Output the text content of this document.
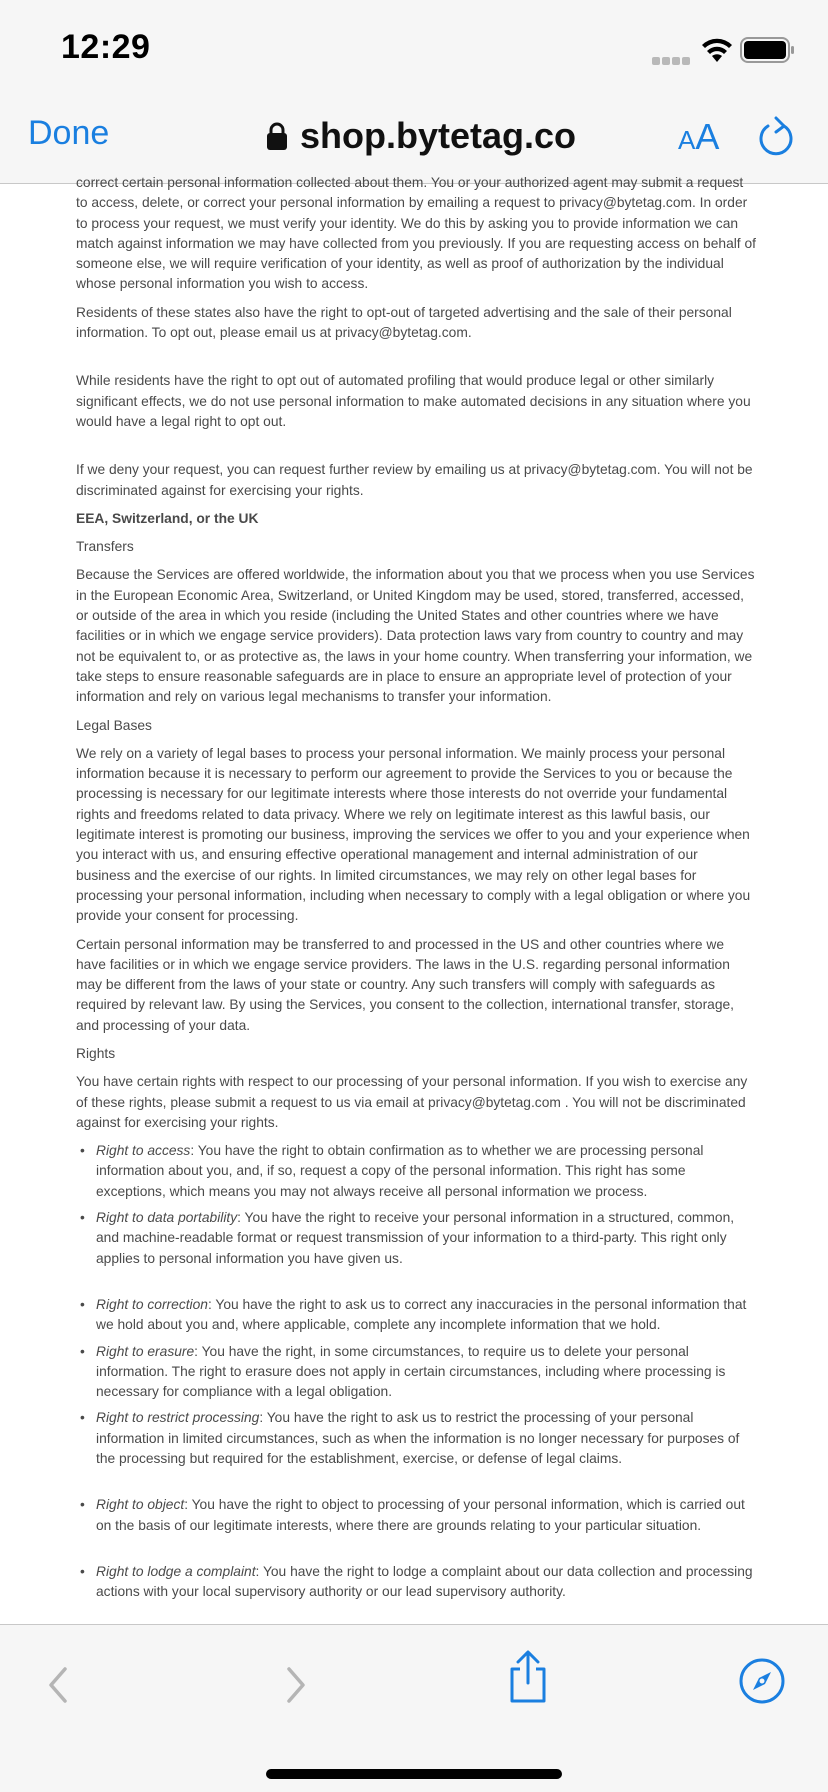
12:29
Done	shop.bytetag.co	AA

correct certain personal information collected about them. You or your authorized agent may submit a request to access, delete, or correct your personal information by emailing a request to privacy@bytetag.com. In order to process your request, we must verify your identity. We do this by asking you to provide information we can match against information we may have collected from you previously. If you are requesting access on behalf of someone else, we will require verification of your identity, as well as proof of authorization by the individual whose personal information you wish to access.

Residents of these states also have the right to opt-out of targeted advertising and the sale of their personal information. To opt out, please email us at privacy@bytetag.com.

While residents have the right to opt out of automated profiling that would produce legal or other similarly significant effects, we do not use personal information to make automated decisions in any situation where you would have a legal right to opt out.

If we deny your request, you can request further review by emailing us at privacy@bytetag.com. You will not be discriminated against for exercising your rights.

EEA, Switzerland, or the UK
Transfers

Because the Services are offered worldwide, the information about you that we process when you use Services in the European Economic Area, Switzerland, or United Kingdom may be used, stored, transferred, accessed, or outside of the area in which you reside (including the United States and other countries where we have facilities or in which we engage service providers). Data protection laws vary from country to country and may not be equivalent to, or as protective as, the laws in your home country. When transferring your information, we take steps to ensure reasonable safeguards are in place to ensure an appropriate level of protection of your information and rely on various legal mechanisms to transfer your information.

Legal Bases

We rely on a variety of legal bases to process your personal information. We mainly process your personal information because it is necessary to perform our agreement to provide the Services to you or because the processing is necessary for our legitimate interests where those interests do not override your fundamental rights and freedoms related to data privacy. Where we rely on legitimate interest as this lawful basis, our legitimate interest is promoting our business, improving the services we offer to you and your experience when you interact with us, and ensuring effective operational management and internal administration of our business and the exercise of our rights. In limited circumstances, we may rely on other legal bases for processing your personal information, including when necessary to comply with a legal obligation or where you provide your consent for processing.

Certain personal information may be transferred to and processed in the US and other countries where we have facilities or in which we engage service providers. The laws in the U.S. regarding personal information may be different from the laws of your state or country. Any such transfers will comply with safeguards as required by relevant law. By using the Services, you consent to the collection, international transfer, storage, and processing of your data.

Rights

You have certain rights with respect to our processing of your personal information. If you wish to exercise any of these rights, please submit a request to us via email at privacy@bytetag.com . You will not be discriminated against for exercising your rights.

• Right to access: You have the right to obtain confirmation as to whether we are processing personal information about you, and, if so, request a copy of the personal information. This right has some exceptions, which means you may not always receive all personal information we process.
• Right to data portability: You have the right to receive your personal information in a structured, common, and machine-readable format or request transmission of your information to a third-party. This right only applies to personal information you have given us.
• Right to correction: You have the right to ask us to correct any inaccuracies in the personal information that we hold about you and, where applicable, complete any incomplete information that we hold.
• Right to erasure: You have the right, in some circumstances, to require us to delete your personal information. The right to erasure does not apply in certain circumstances, including where processing is necessary for compliance with a legal obligation.
• Right to restrict processing: You have the right to ask us to restrict the processing of your personal information in limited circumstances, such as when the information is no longer necessary for purposes of the processing but required for the establishment, exercise, or defense of legal claims.
• Right to object: You have the right to object to processing of your personal information, which is carried out on the basis of our legitimate interests, where there are grounds relating to your particular situation.
• Right to lodge a complaint: You have the right to lodge a complaint about our data collection and processing actions with your local supervisory authority or our lead supervisory authority.
